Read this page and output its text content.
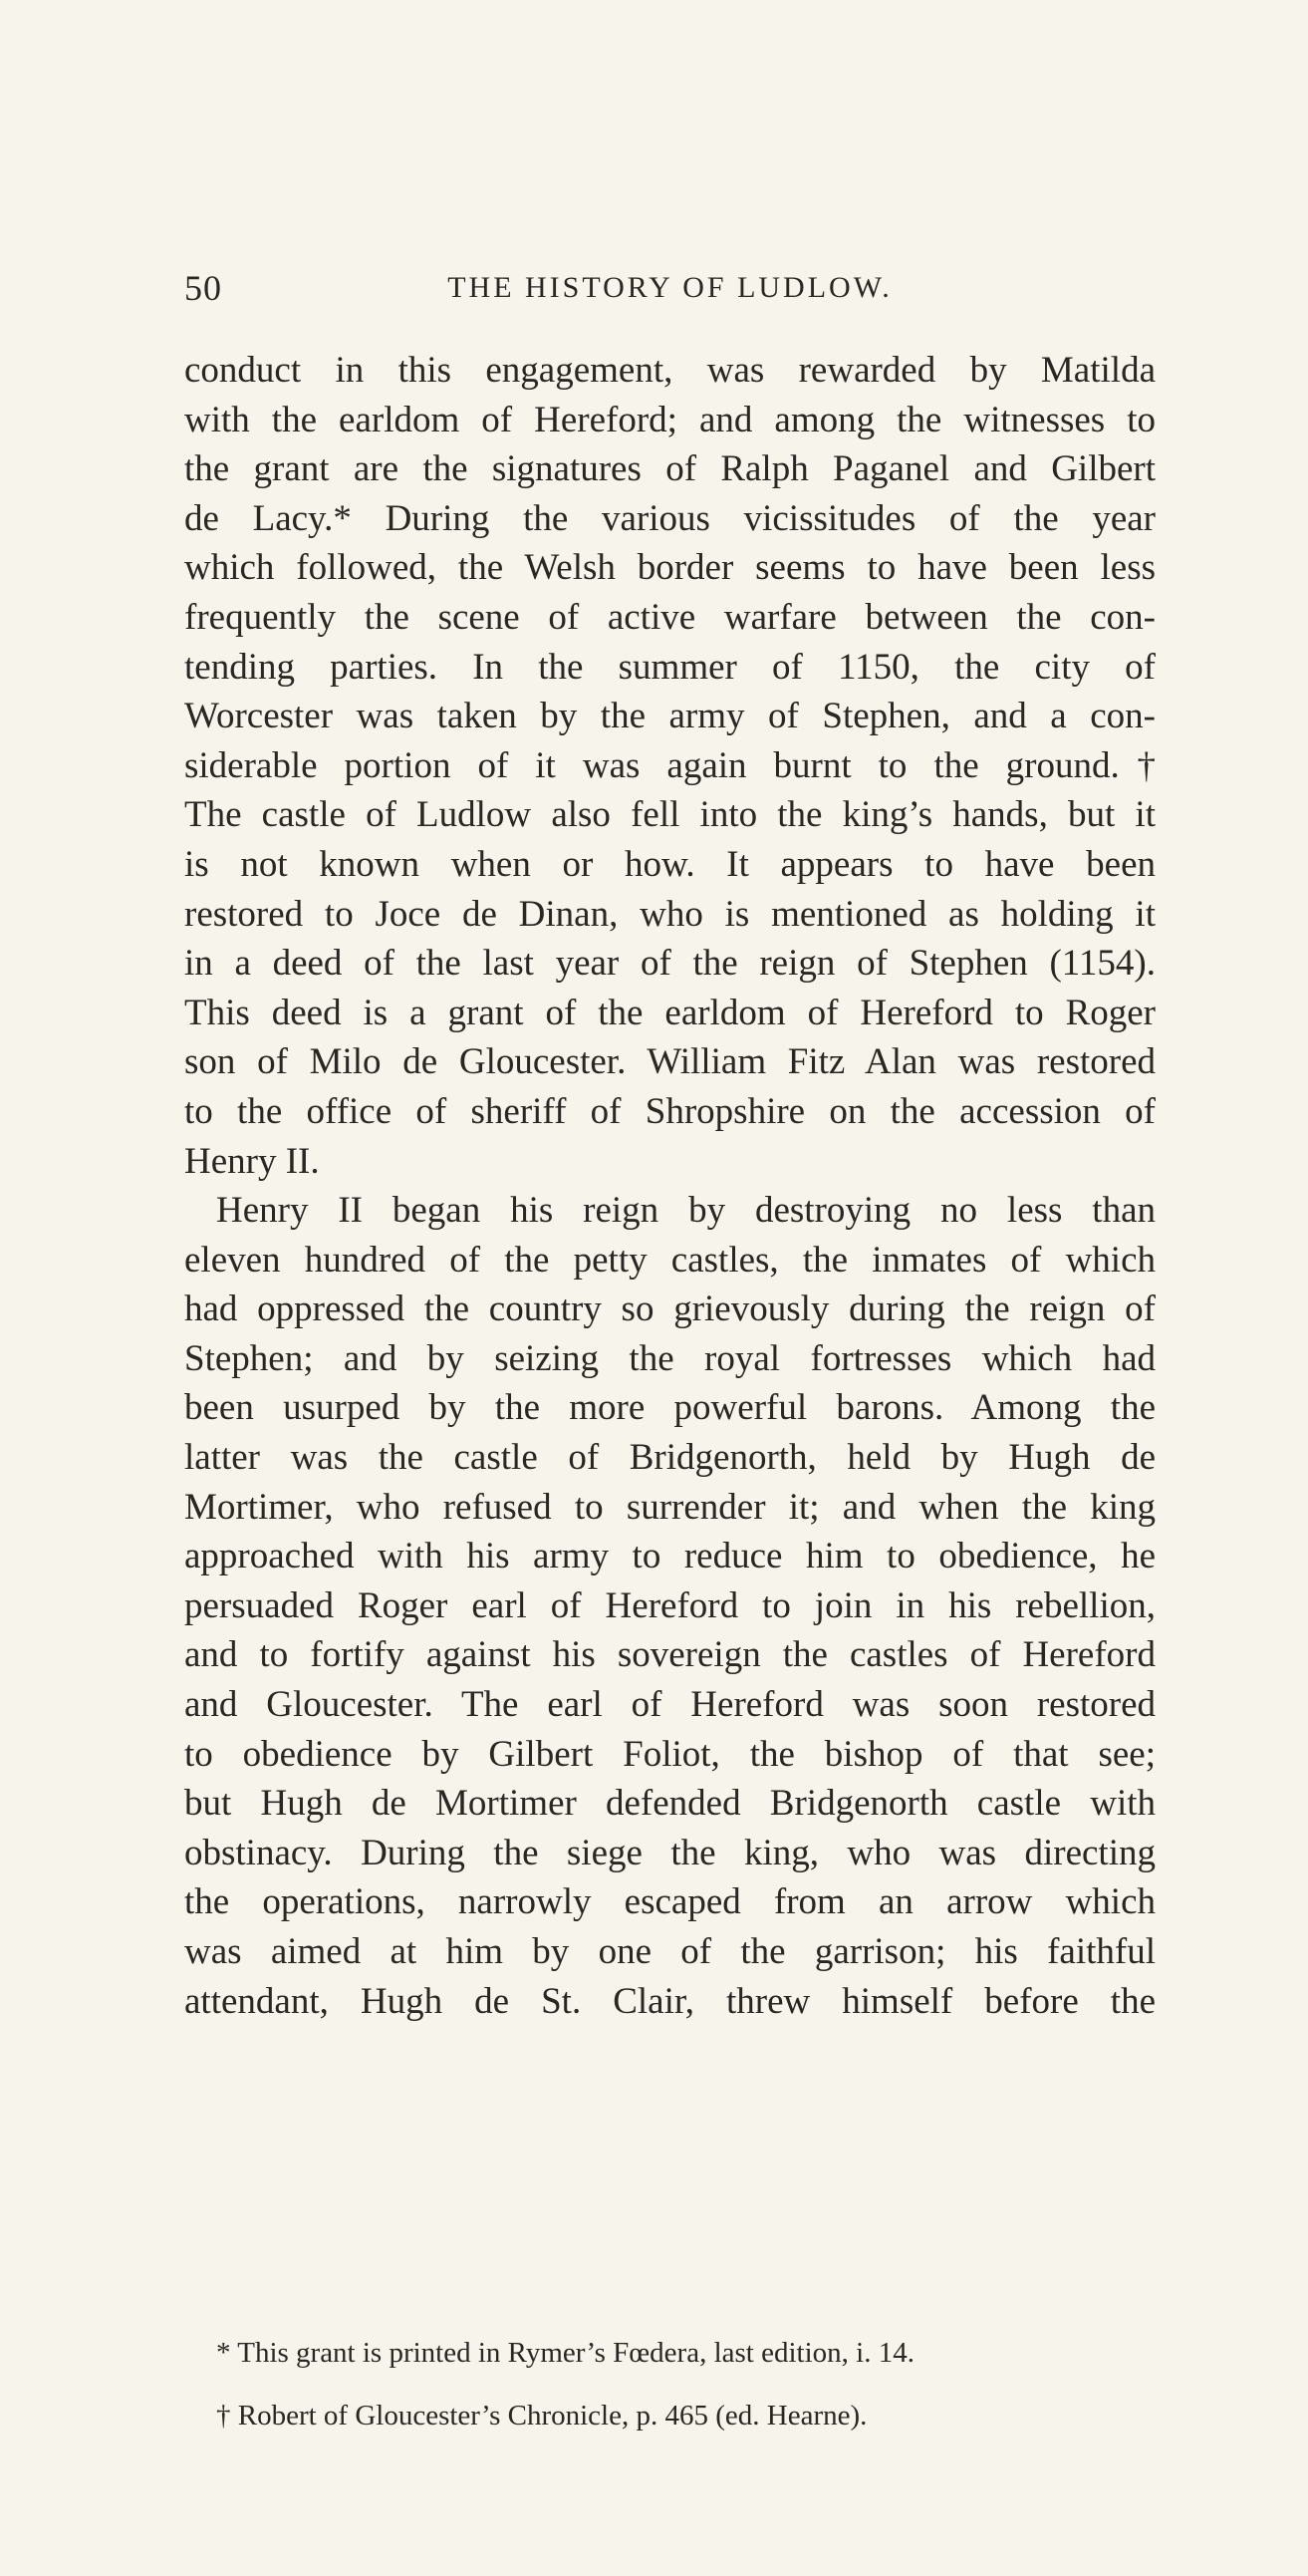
50	THE HISTORY OF LUDLOW.
conduct in this engagement, was rewarded by Matilda
with the earldom of Hereford; and among the witnesses to
the grant are the signatures of Ralph Paganel and Gilbert
de Lacy.* During the various vicissitudes of the year
which followed, the Welsh border seems to have been less
frequently the scene of active warfare between the con-
tending parties. In the summer of 1150, the city of
Worcester was taken by the army of Stephen, and a con-
siderable portion of it was again burnt to the ground.†
The castle of Ludlow also fell into the king’s hands, but it
is not known when or how. It appears to have been
restored to Joce de Dinan, who is mentioned as holding it
in a deed of the last year of the reign of Stephen (1154).
This deed is a grant of the earldom of Hereford to Roger
son of Milo de Gloucester. William Fitz Alan was restored
to the office of sheriff of Shropshire on the accession of
Henry II.
Henry II began his reign by destroying no less than
eleven hundred of the petty castles, the inmates of which
had oppressed the country so grievously during the reign of
Stephen; and by seizing the royal fortresses which had
been usurped by the more powerful barons. Among the
latter was the castle of Bridgenorth, held by Hugh de
Mortimer, who refused to surrender it; and when the king
approached with his army to reduce him to obedience, he
persuaded Roger earl of Hereford to join in his rebellion,
and to fortify against his sovereign the castles of Hereford
and Gloucester. The earl of Hereford was soon restored
to obedience by Gilbert Foliot, the bishop of that see;
but Hugh de Mortimer defended Bridgenorth castle with
obstinacy. During the siege the king, who was directing
the operations, narrowly escaped from an arrow which
was aimed at him by one of the garrison; his faithful
attendant, Hugh de St. Clair, threw himself before the
* This grant is printed in Rymer’s Fœdera, last edition, i. 14.
† Robert of Gloucester’s Chronicle, p. 465 (ed. Hearne).
